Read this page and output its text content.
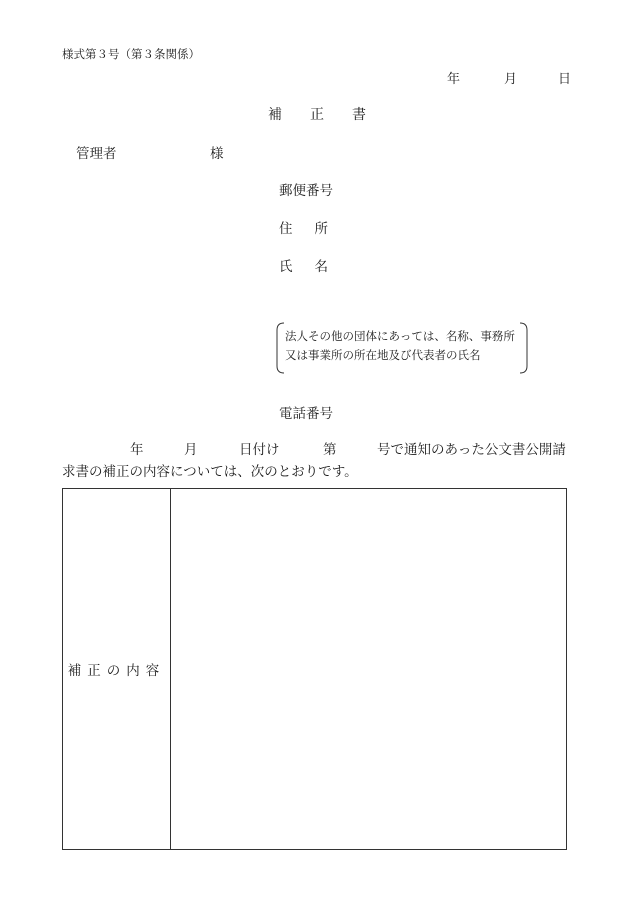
様式第３号（第３条関係）
年	月	日
補正書
管理者	様
郵便番号
住所
氏名
法人その他の団体にあっては、名称、事務所
又は事業所の所在地及び代表者の氏名
電話番号
年	月	日付け	第	号で通知のあった公文書公開請
求書の補正の内容については、次のとおりです。
補正の内容
